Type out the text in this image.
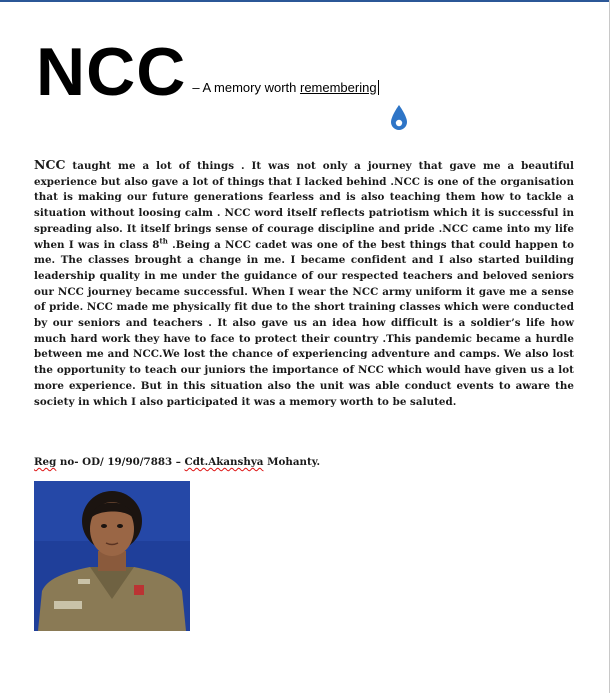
NCC – A memory worth remembering

NCC taught me a lot of things . It was not only a journey that gave me a beautiful experience but also gave a lot of things that I lacked behind .NCC is one of the organisation that is making our future generations fearless and is also teaching them how to tackle a situation without loosing calm . NCC word itself reflects patriotism which it is successful in spreading also. It itself brings sense of courage discipline and pride .NCC came into my life when I was in class 8th .Being a NCC cadet was one of the best things that could happen to me. The classes brought a change in me. I became confident and I also started building leadership quality in me under the guidance of our respected teachers and beloved seniors our NCC journey became successful. When I wear the NCC army uniform it gave me a sense of pride. NCC made me physically fit due to the short training classes which were conducted by our seniors and teachers . It also gave us an idea how difficult is a soldier’s life how much hard work they have to face to protect their country .This pandemic became a hurdle between me and NCC.We lost the chance of experiencing adventure and camps. We also lost the opportunity to teach our juniors the importance of NCC which would have given us a lot more experience. But in this situation also the unit was able conduct events to aware the society in which I also participated it was a memory worth to be saluted.

Reg no- OD/ 19/90/7883 – Cdt.Akanshya Mohanty.
